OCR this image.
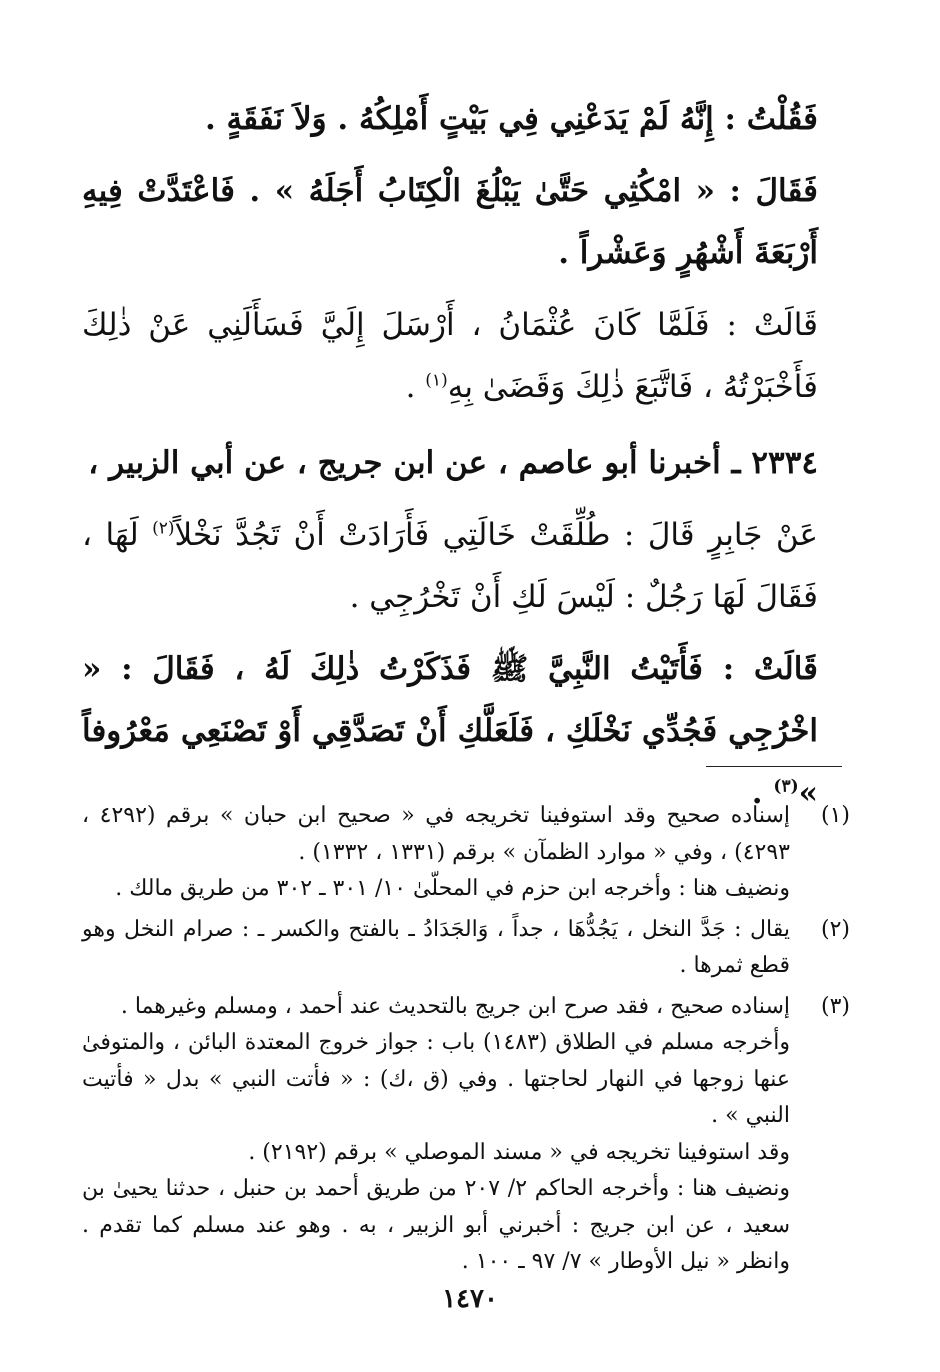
فَقُلْتُ : إِنَّهُ لَمْ يَدَعْنِي فِي بَيْتٍ أَمْلِكُهُ . وَلاَ نَفَقَةٍ .

فَقَالَ : « امْكُثِي حَتَّىٰ يَبْلُغَ الْكِتَابُ أَجَلَهُ » . فَاعْتَدَّتْ فِيهِ أَرْبَعَةَ أَشْهُرٍ وَعَشْراً .

قَالَتْ : فَلَمَّا كَانَ عُثْمَانُ ، أَرْسَلَ إِلَيَّ فَسَأَلَنِي عَنْ ذٰلِكَ فَأَخْبَرْتُهُ ، فَاتَّبَعَ ذٰلِكَ وَقَضَىٰ بِهِ$^{(١)}$ .

٢٣٣٤ ـ أخبرنا أبو عاصم ، عن ابن جريج ، عن أبي الزبير ،

عَنْ جَابِرٍ قَالَ : طُلِّقَتْ خَالَتِي فَأَرَادَتْ أَنْ تَجُدَّ نَخْلاً$^{(٢)}$ لَهَا ، فَقَالَ لَهَا رَجُلٌ : لَيْسَ لَكِ أَنْ تَخْرُجِي .

قَالَتْ : فَأَتَيْتُ النَّبِيَّ ﷺ فَذَكَرْتُ ذٰلِكَ لَهُ ، فَقَالَ : « اخْرُجِي فَجُدِّي نَخْلَكِ ، فَلَعَلَّكِ أَنْ تَصَدَّقِي أَوْ تَصْنَعِي مَعْرُوفاً »$^{(٣)}$ .

(١)
إسناده صحيح وقد استوفينا تخريجه في « صحيح ابن حبان » برقم (٤٢٩٢ ، ٤٢٩٣) ، وفي « موارد الظمآن » برقم (١٣٣١ ، ١٣٣٢) .
ونضيف هنا : وأخرجه ابن حزم في المحلّىٰ ١٠/ ٣٠١ ـ ٣٠٢ من طريق مالك .
(٢)
يقال : جَدَّ النخل ، يَجُدُّهَا ، جداً ، وَالجَدَادُ ـ بالفتح والكسر ـ : صرام النخل وهو قطع ثمرها .
(٣)
إسناده صحيح ، فقد صرح ابن جريج بالتحديث عند أحمد ، ومسلم وغيرهما .
وأخرجه مسلم في الطلاق (١٤٨٣) باب : جواز خروج المعتدة البائن ، والمتوفىٰ عنها زوجها في النهار لحاجتها . وفي (ق ،ك) : « فأتت النبي » بدل « فأتيت النبي » .
وقد استوفينا تخريجه في « مسند الموصلي » برقم (٢١٩٢) .
ونضيف هنا : وأخرجه الحاكم ٢/ ٢٠٧ من طريق أحمد بن حنبل ، حدثنا يحيىٰ بن سعيد ، عن ابن جريج : أخبرني أبو الزبير ، به . وهو عند مسلم كما تقدم . وانظر « نيل الأوطار » ٧/ ٩٧ ـ ١٠٠ .
١٤٧٠
